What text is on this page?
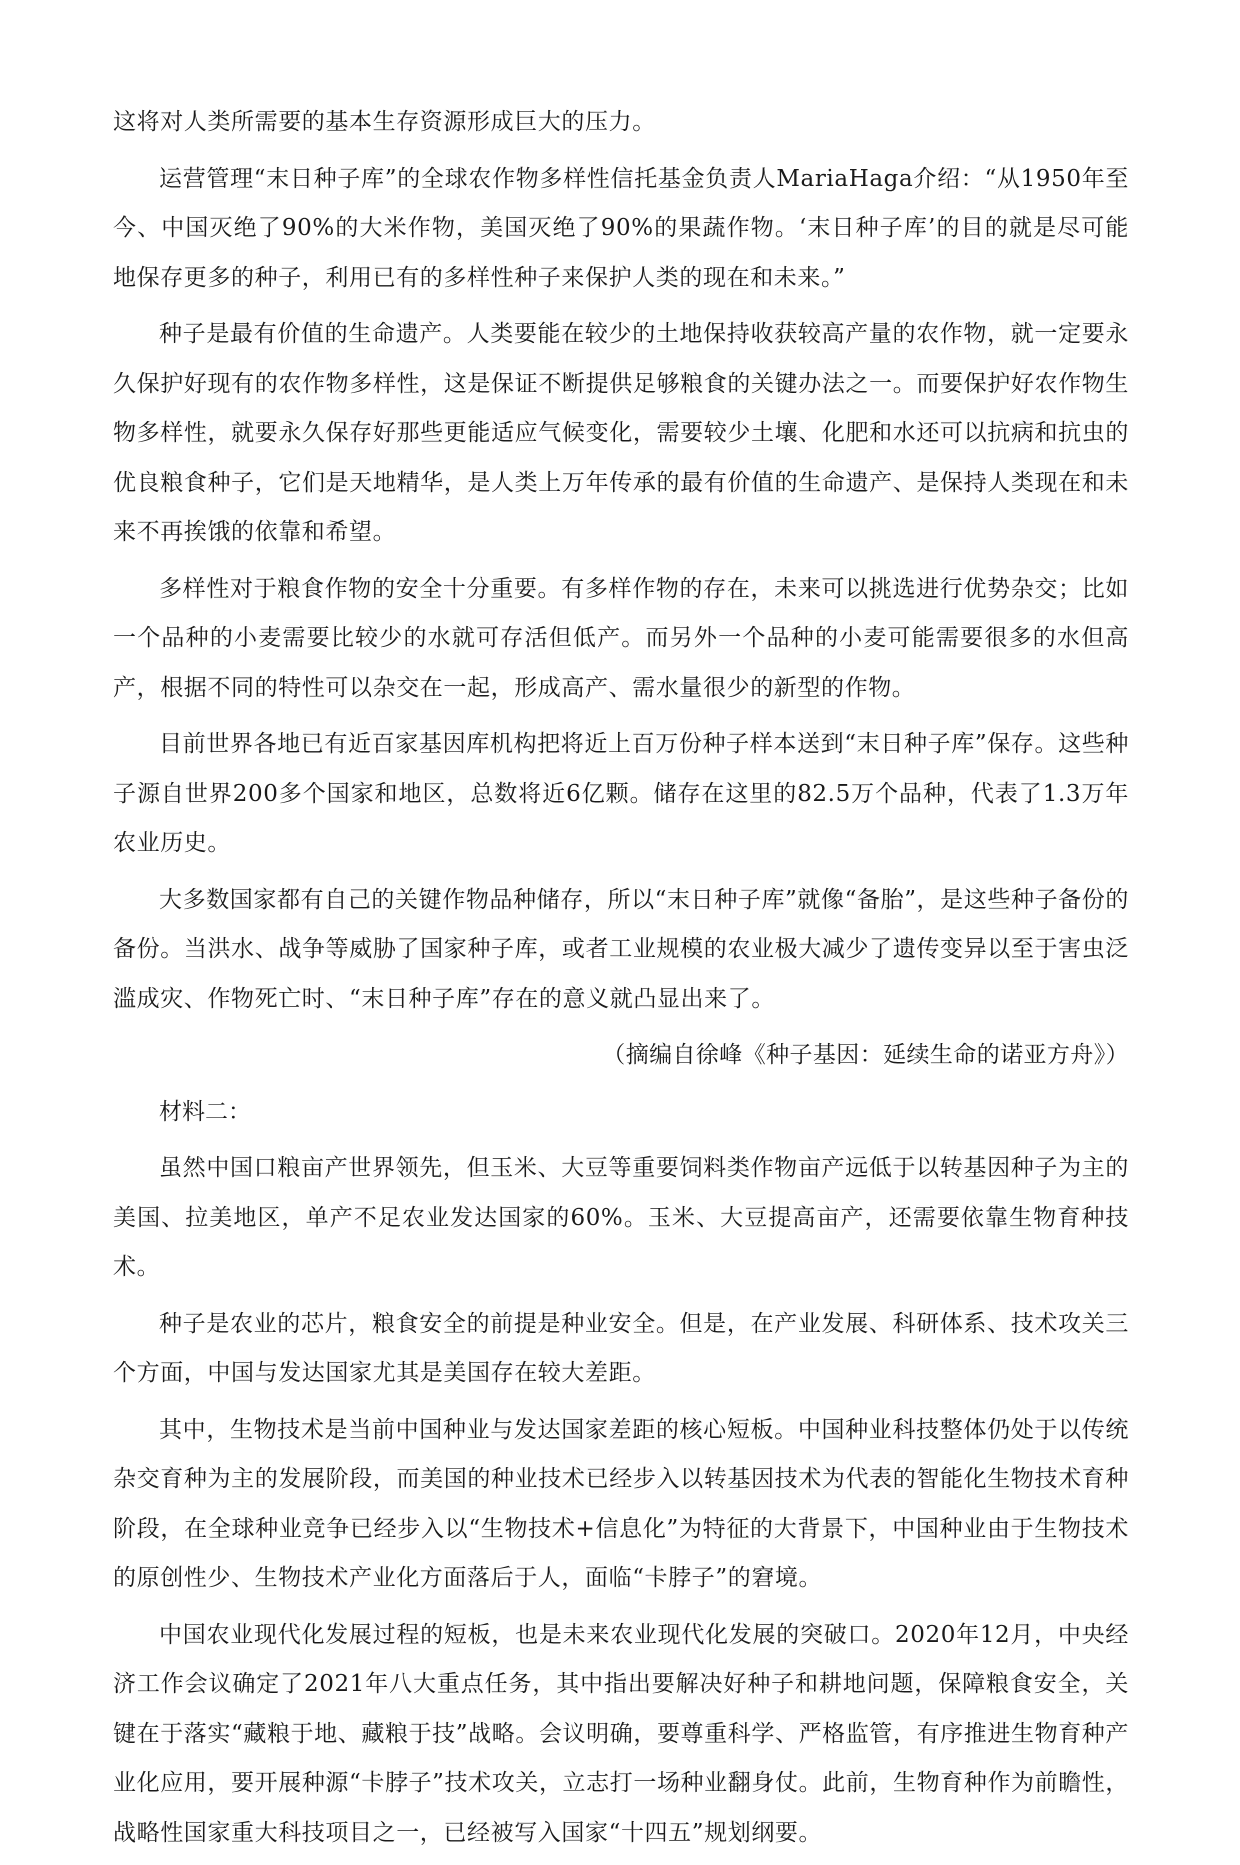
这将对人类所需要的基本生存资源形成巨大的压力。

运营管理“末日种子库”的全球农作物多样性信托基金负责人MariaHaga介绍：“从1950年至今、中国灭绝了90%的大米作物，美国灭绝了90%的果蔬作物。‘末日种子库’的目的就是尽可能地保存更多的种子，利用已有的多样性种子来保护人类的现在和未来。”

种子是最有价值的生命遗产。人类要能在较少的土地保持收获较高产量的农作物，就一定要永久保护好现有的农作物多样性，这是保证不断提供足够粮食的关键办法之一。而要保护好农作物生物多样性，就要永久保存好那些更能适应气候变化，需要较少土壤、化肥和水还可以抗病和抗虫的优良粮食种子，它们是天地精华，是人类上万年传承的最有价值的生命遗产、是保持人类现在和未来不再挨饿的依靠和希望。

多样性对于粮食作物的安全十分重要。有多样作物的存在，未来可以挑选进行优势杂交；比如一个品种的小麦需要比较少的水就可存活但低产。而另外一个品种的小麦可能需要很多的水但高产，根据不同的特性可以杂交在一起，形成高产、需水量很少的新型的作物。

目前世界各地已有近百家基因库机构把将近上百万份种子样本送到“末日种子库”保存。这些种子源自世界200多个国家和地区，总数将近6亿颗。储存在这里的82.5万个品种，代表了1.3万年农业历史。

大多数国家都有自己的关键作物品种储存，所以“末日种子库”就像“备胎”，是这些种子备份的备份。当洪水、战争等威胁了国家种子库，或者工业规模的农业极大减少了遗传变异以至于害虫泛滥成灾、作物死亡时、“末日种子库”存在的意义就凸显出来了。

（摘编自徐峰《种子基因：延续生命的诺亚方舟》）

材料二：

虽然中国口粮亩产世界领先，但玉米、大豆等重要饲料类作物亩产远低于以转基因种子为主的美国、拉美地区，单产不足农业发达国家的60%。玉米、大豆提高亩产，还需要依靠生物育种技术。

种子是农业的芯片，粮食安全的前提是种业安全。但是，在产业发展、科研体系、技术攻关三个方面，中国与发达国家尤其是美国存在较大差距。

其中，生物技术是当前中国种业与发达国家差距的核心短板。中国种业科技整体仍处于以传统杂交育种为主的发展阶段，而美国的种业技术已经步入以转基因技术为代表的智能化生物技术育种阶段，在全球种业竞争已经步入以“生物技术+信息化”为特征的大背景下，中国种业由于生物技术的原创性少、生物技术产业化方面落后于人，面临“卡脖子”的窘境。

中国农业现代化发展过程的短板，也是未来农业现代化发展的突破口。2020年12月，中央经济工作会议确定了2021年八大重点任务，其中指出要解决好种子和耕地问题，保障粮食安全，关键在于落实“藏粮于地、藏粮于技”战略。会议明确，要尊重科学、严格监管，有序推进生物育种产业化应用，要开展种源“卡脖子”技术攻关，立志打一场种业翻身仗。此前，生物育种作为前瞻性，战略性国家重大科技项目之一，已经被写入国家“十四五”规划纲要。
